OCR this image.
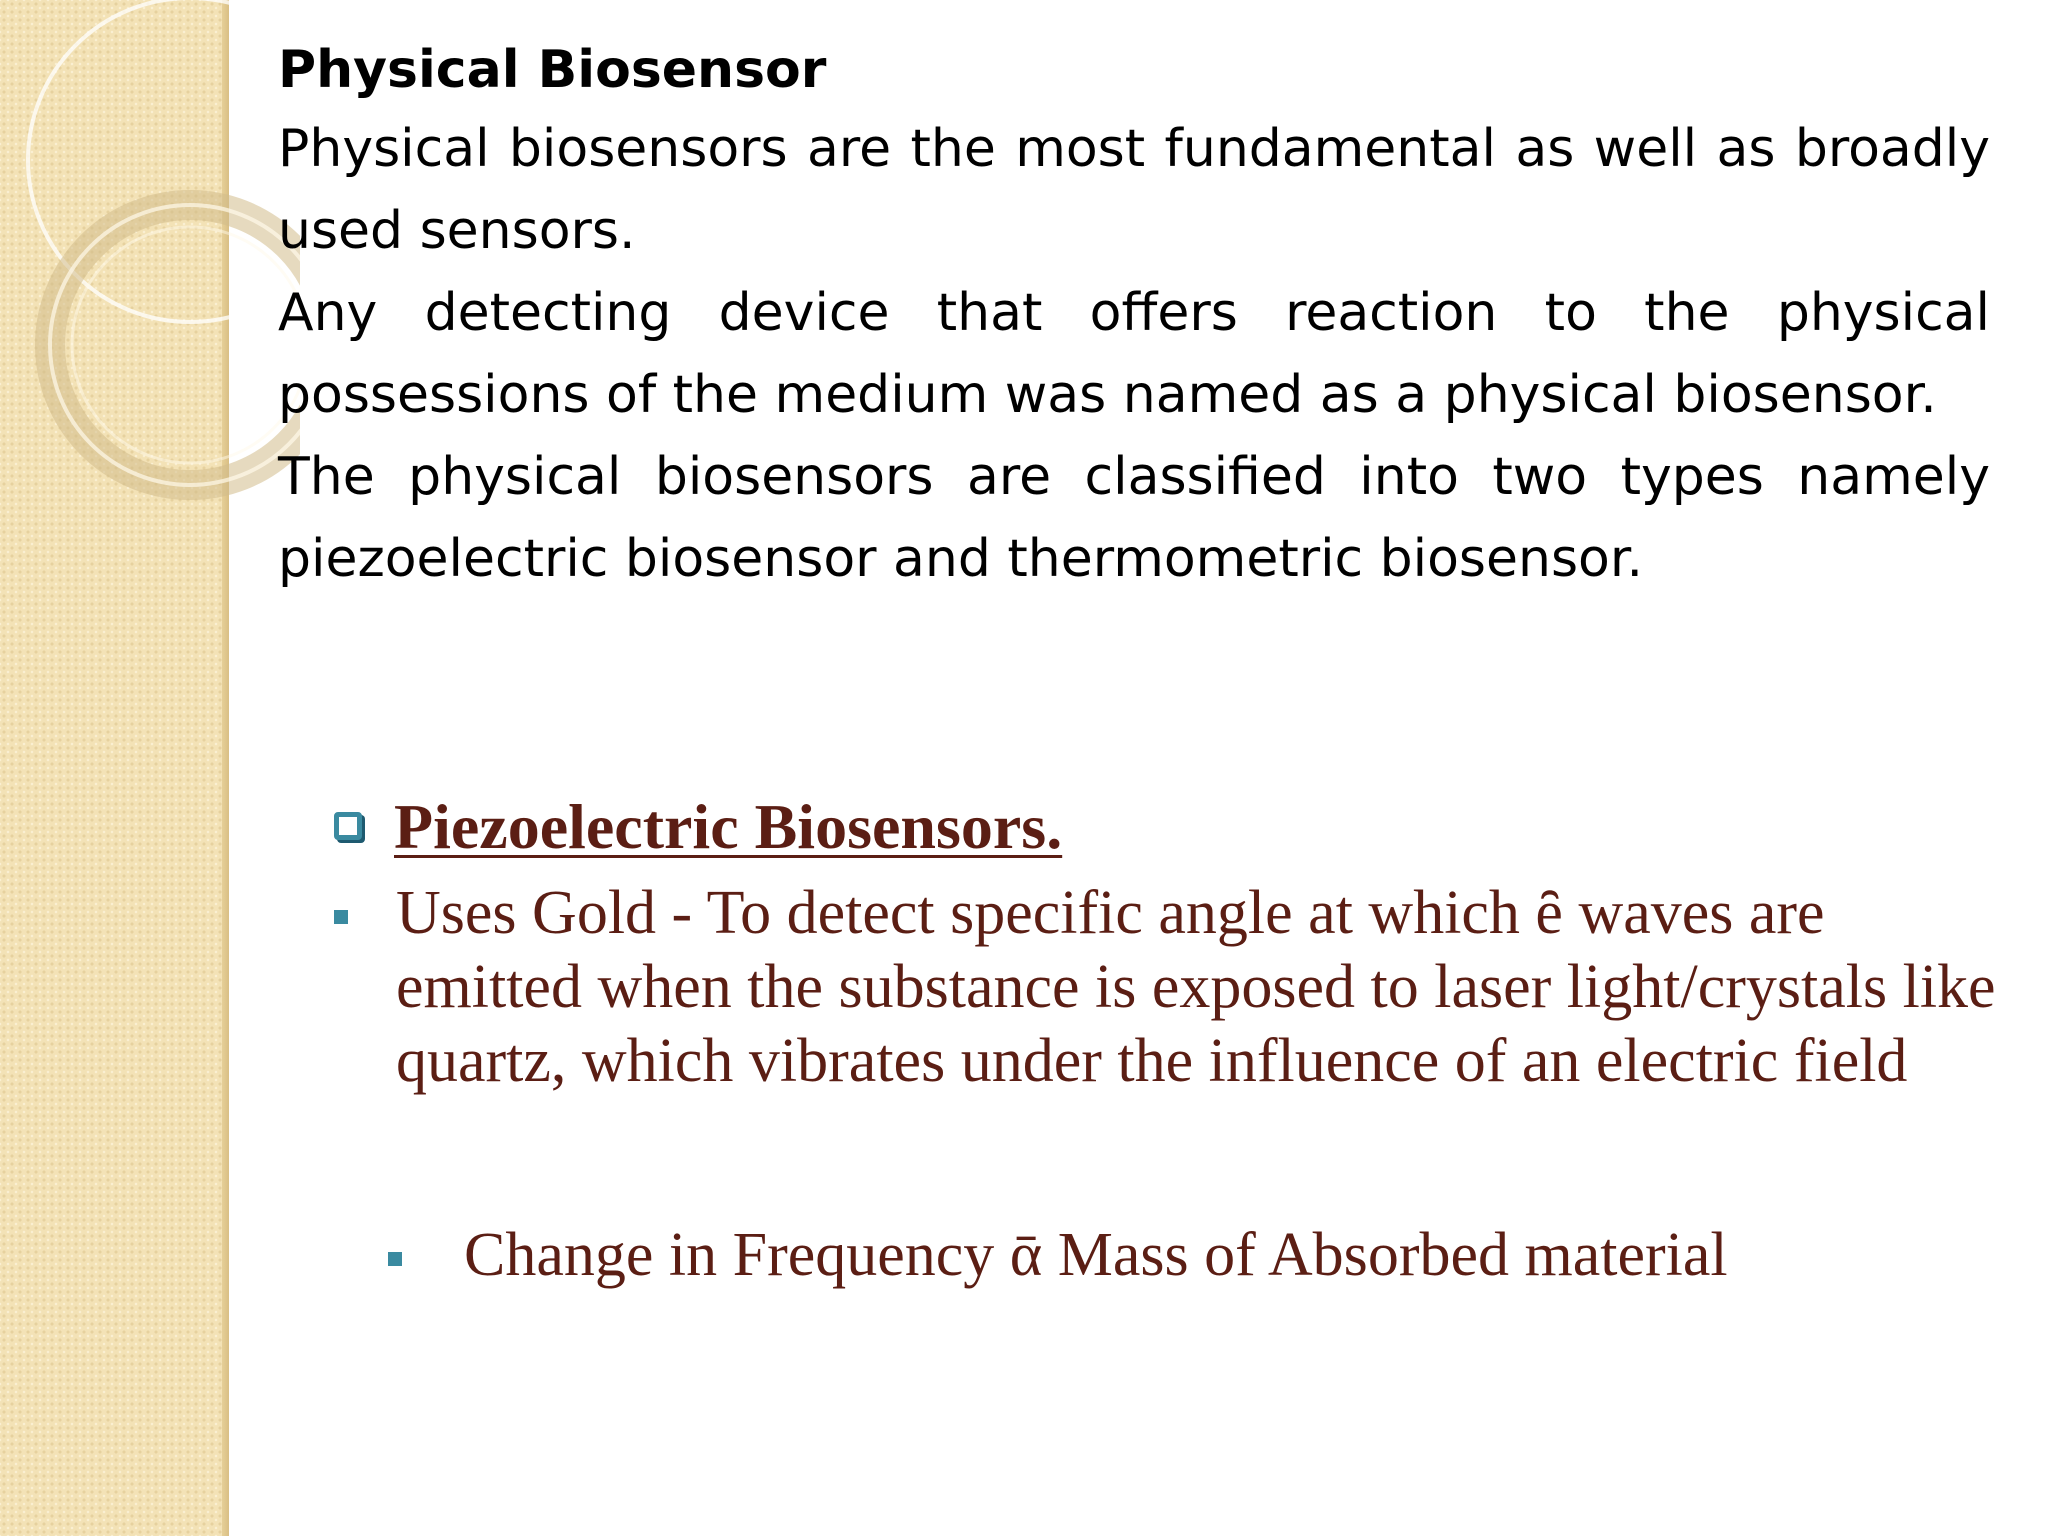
Physical Biosensor

Physical biosensors are the most fundamental as well as broadly used sensors.

Any detecting device that offers reaction to the physical possessions of the medium was named as a physical biosensor.

The physical biosensors are classified into two types namely piezoelectric biosensor and thermometric biosensor.

Piezoelectric Biosensors.
Uses Gold - To detect specific angle at which ȇ waves are emitted when the substance is exposed to laser light/crystals like quartz, which vibrates under the influence of an electric field
Change in Frequency ᾱ Mass of Absorbed material
